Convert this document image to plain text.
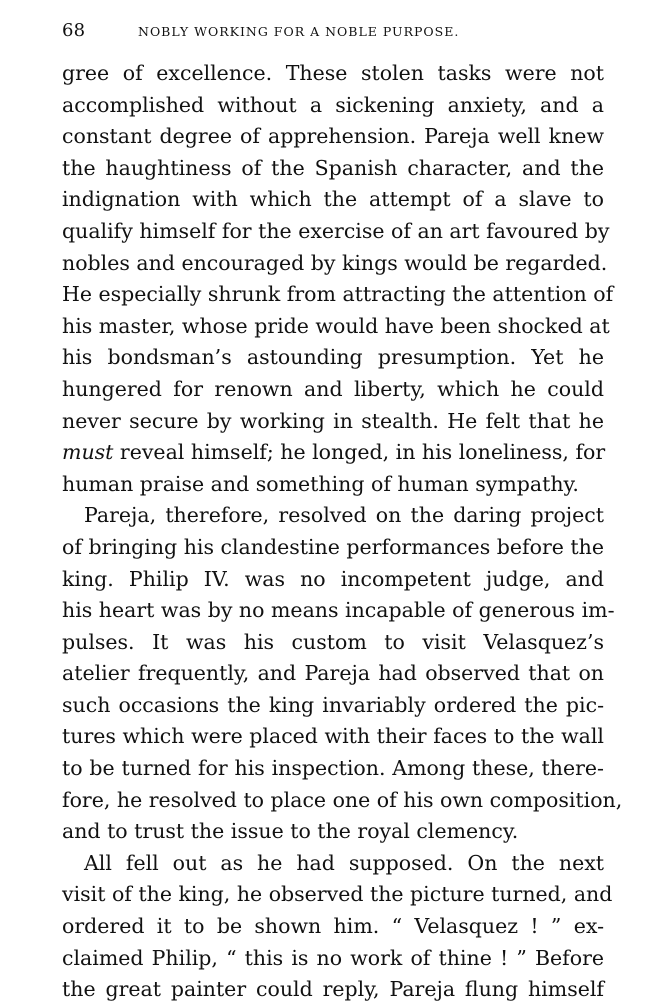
68	NOBLY WORKING FOR A NOBLE PURPOSE.
gree of excellence. These stolen tasks were not
accomplished without a sickening anxiety, and a
constant degree of apprehension. Pareja well knew
the haughtiness of the Spanish character, and the
indignation with which the attempt of a slave to
qualify himself for the exercise of an art favoured by
nobles and encouraged by kings would be regarded.
He especially shrunk from attracting the attention of
his master, whose pride would have been shocked at
his bondsman’s astounding presumption. Yet he
hungered for renown and liberty, which he could
never secure by working in stealth. He felt that he
must reveal himself; he longed, in his loneliness, for
human praise and something of human sympathy.
Pareja, therefore, resolved on the daring project
of bringing his clandestine performances before the
king. Philip IV. was no incompetent judge, and
his heart was by no means incapable of generous im-
pulses. It was his custom to visit Velasquez’s
atelier frequently, and Pareja had observed that on
such occasions the king invariably ordered the pic-
tures which were placed with their faces to the wall
to be turned for his inspection. Among these, there-
fore, he resolved to place one of his own composition,
and to trust the issue to the royal clemency.
All fell out as he had supposed. On the next
visit of the king, he observed the picture turned, and
ordered it to be shown him. “ Velasquez ! ” ex-
claimed Philip, “ this is no work of thine ! ” Before
the great painter could reply, Pareja flung himself
